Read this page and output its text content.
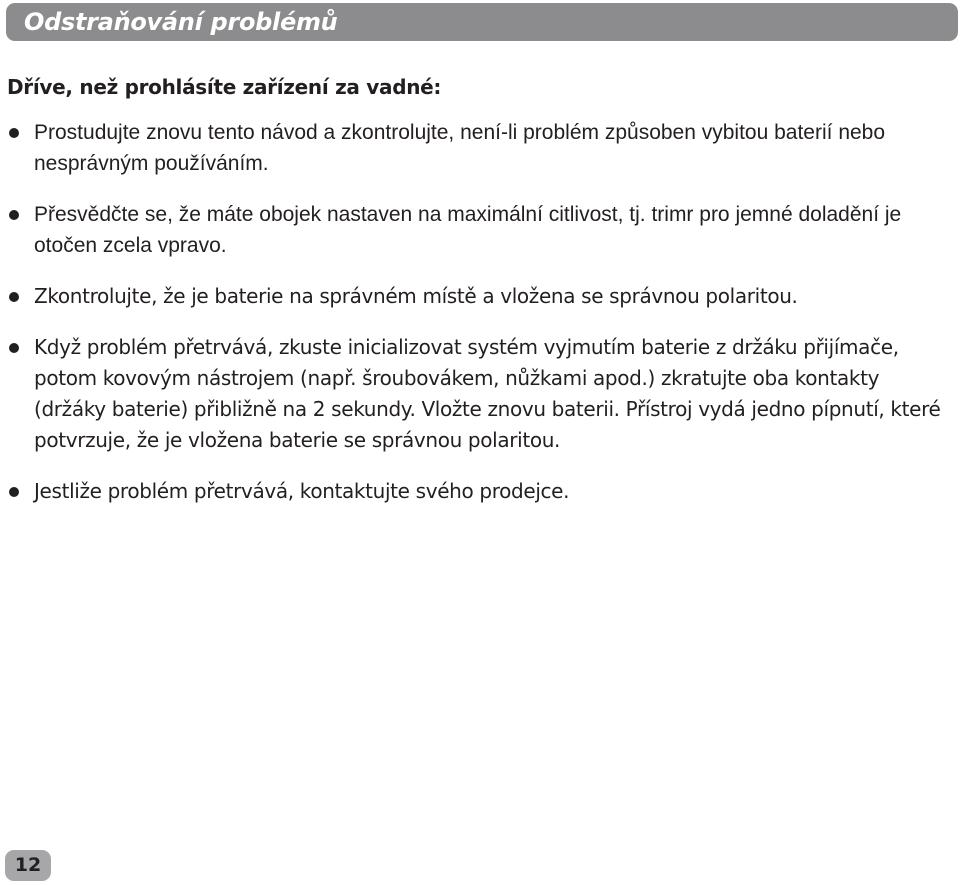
Odstraňování problémů
Dříve, než prohlásíte zařízení za vadné:
Prostudujte znovu tento návod a zkontrolujte, není-li problém způsoben vybitou baterií nebo nesprávným používáním.
Přesvědčte se, že máte obojek nastaven na maximální citlivost, tj. trimr pro jemné doladění je otočen zcela vpravo.
Zkontrolujte, že je baterie na správném místě a vložena se správnou polaritou.
Když problém přetrvává, zkuste inicializovat systém vyjmutím baterie z držáku přijímače, potom kovovým nástrojem (např. šroubovákem, nůžkami apod.) zkratujte oba kontakty (držáky baterie) přibližně na 2 sekundy. Vložte znovu baterii. Přístroj vydá jedno pípnutí, které potvrzuje, že je vložena baterie se správnou polaritou.
Jestliže problém přetrvává, kontaktujte svého prodejce.
12
